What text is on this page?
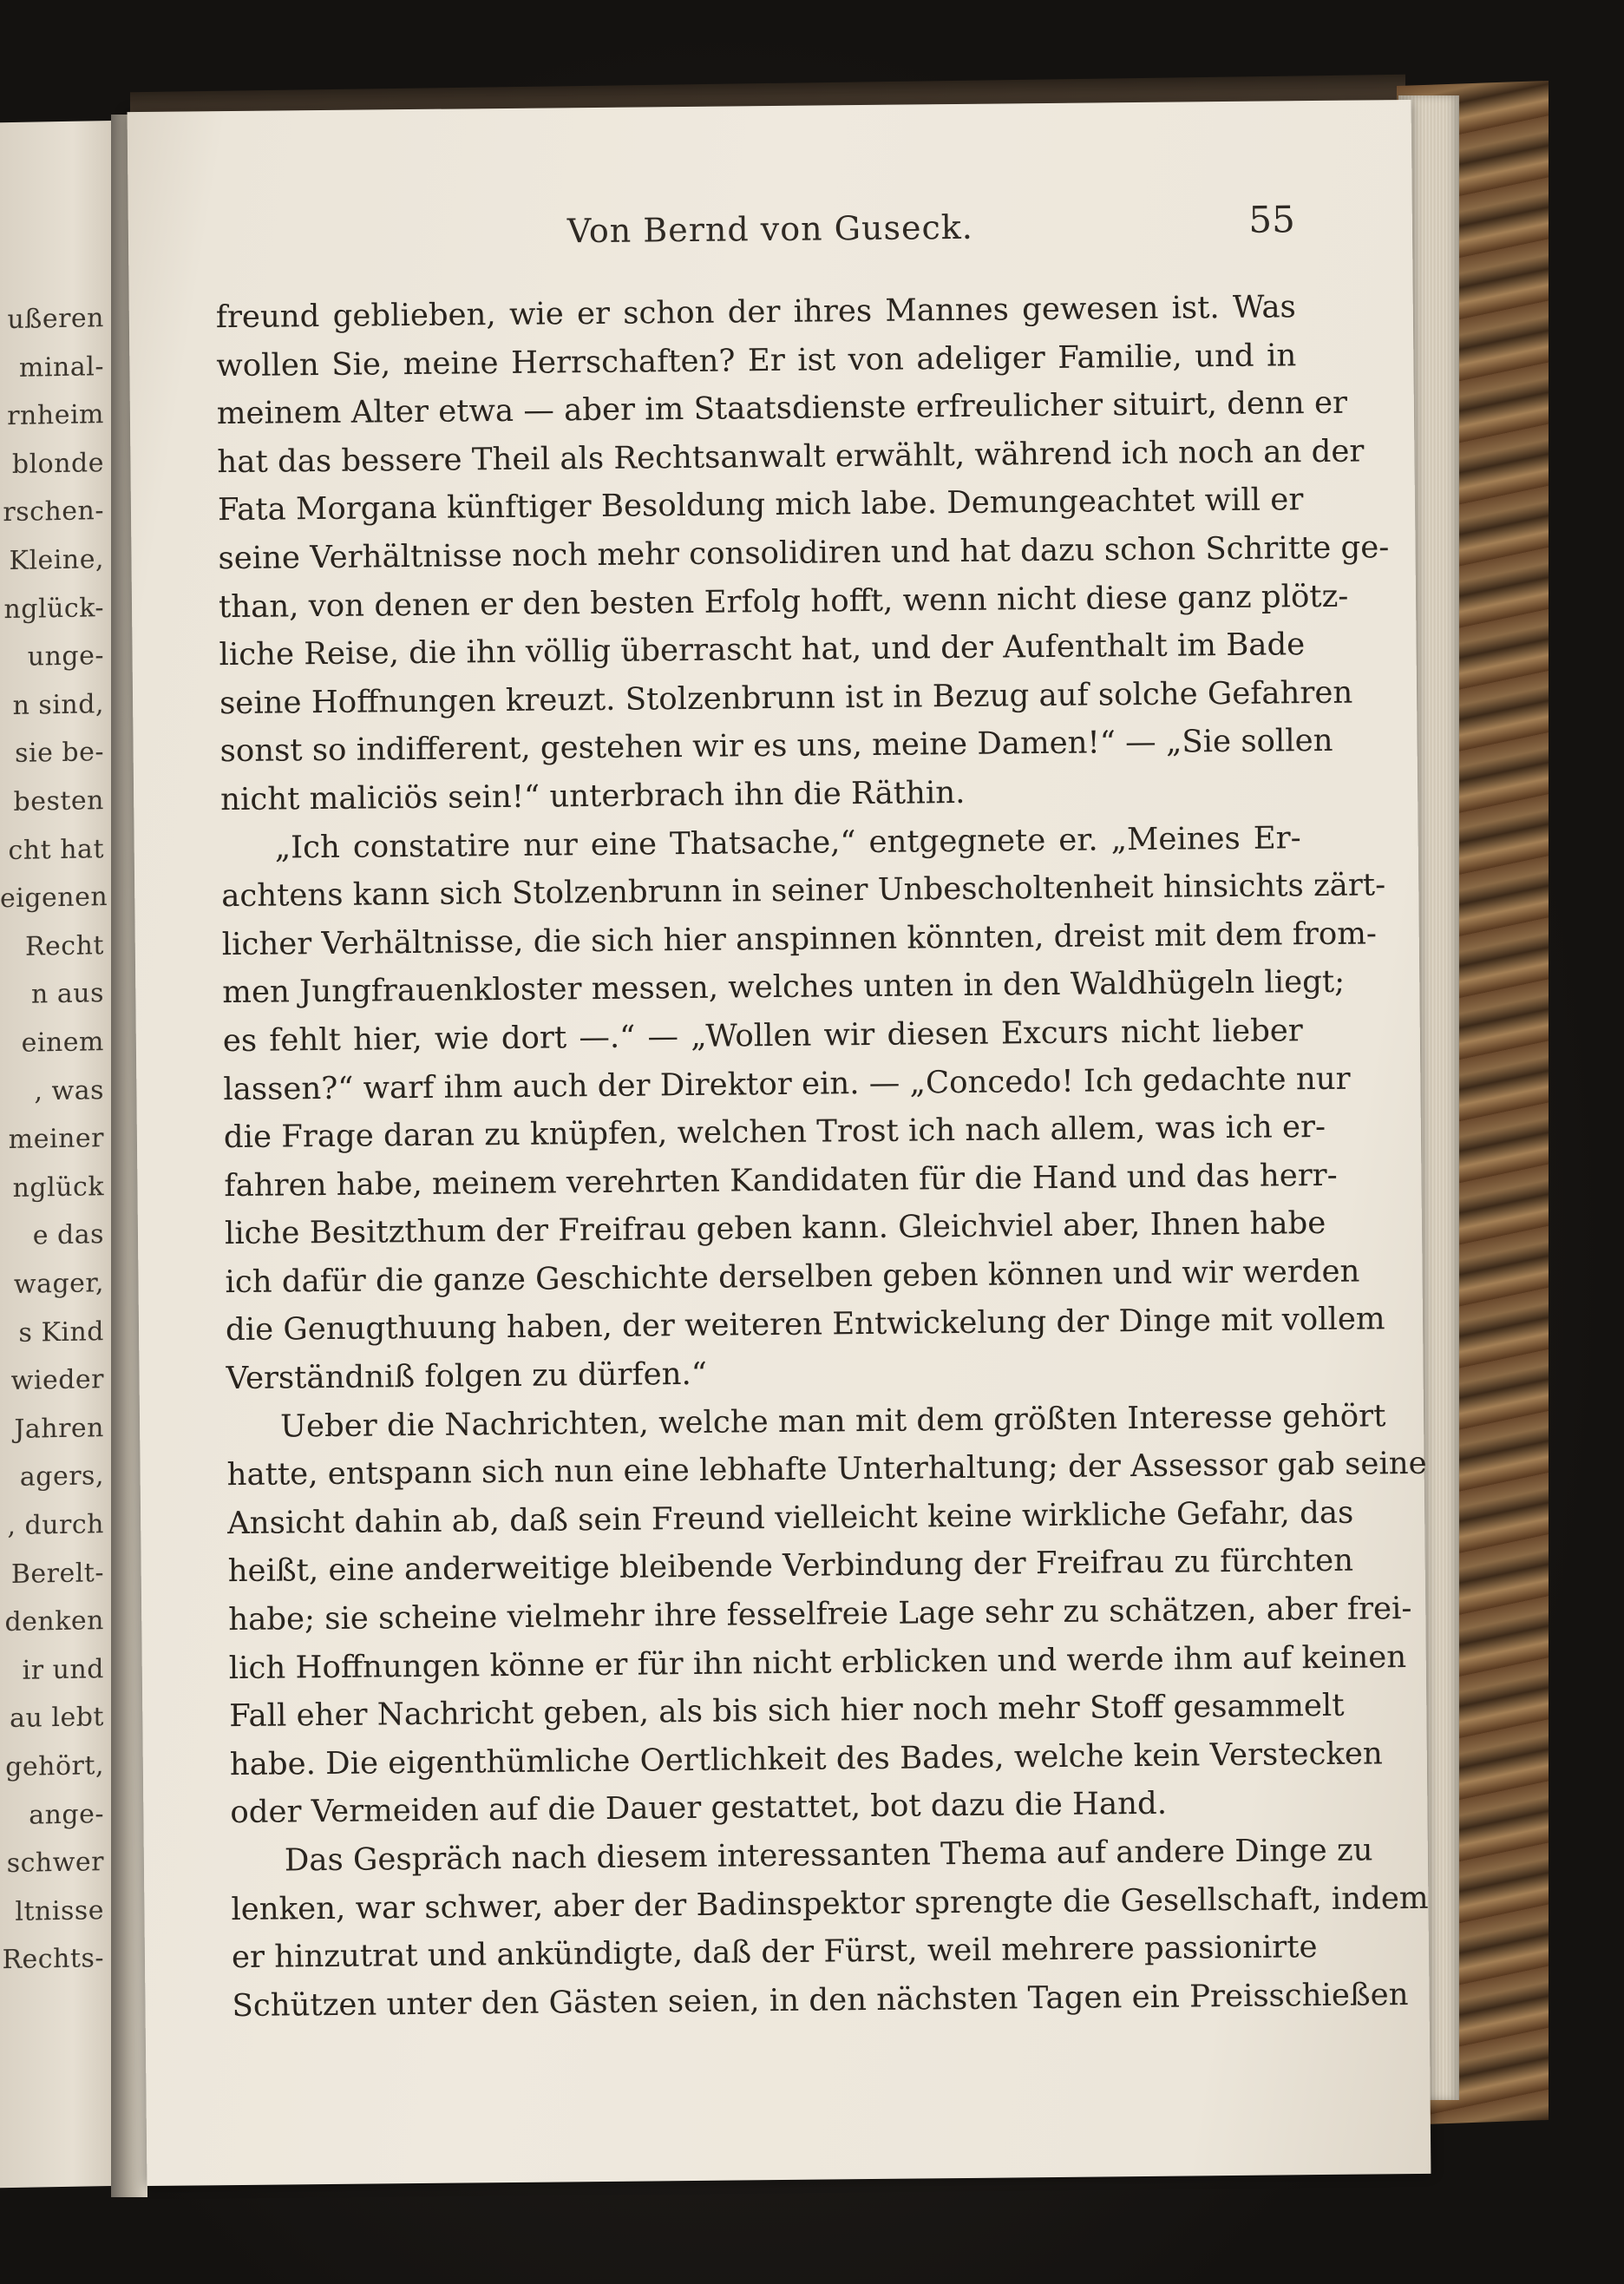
ußeren
minal-
rnheim
blonde
rschen-
Kleine,
nglück-
unge-
n sind,
sie be-
besten
cht hat
eigenen
Recht
n aus
einem
, was
meiner
nglück
e das
wager,
s Kind
wieder
Jahren
agers,
, durch
Berelt-
denken
ir und
au lebt
gehört,
ange-
schwer
ltnisse
Rechts-
Von Bernd von Guseck.	55
freund geblieben, wie er schon der ihres Mannes gewesen ist. Was
wollen Sie, meine Herrschaften? Er ist von adeliger Familie, und in
meinem Alter etwa — aber im Staatsdienste erfreulicher situirt, denn er
hat das bessere Theil als Rechtsanwalt erwählt, während ich noch an der
Fata Morgana künftiger Besoldung mich labe. Demungeachtet will er
seine Verhältnisse noch mehr consolidiren und hat dazu schon Schritte ge-
than, von denen er den besten Erfolg hofft, wenn nicht diese ganz plötz-
liche Reise, die ihn völlig überrascht hat, und der Aufenthalt im Bade
seine Hoffnungen kreuzt. Stolzenbrunn ist in Bezug auf solche Gefahren
sonst so indifferent, gestehen wir es uns, meine Damen!“ — „Sie sollen
nicht maliciös sein!“ unterbrach ihn die Räthin.
„Ich constatire nur eine Thatsache,“ entgegnete er. „Meines Er-
achtens kann sich Stolzenbrunn in seiner Unbescholtenheit hinsichts zärt-
licher Verhältnisse, die sich hier anspinnen könnten, dreist mit dem from-
men Jungfrauenkloster messen, welches unten in den Waldhügeln liegt;
es fehlt hier, wie dort —.“ — „Wollen wir diesen Excurs nicht lieber
lassen?“ warf ihm auch der Direktor ein. — „Concedo! Ich gedachte nur
die Frage daran zu knüpfen, welchen Trost ich nach allem, was ich er-
fahren habe, meinem verehrten Kandidaten für die Hand und das herr-
liche Besitzthum der Freifrau geben kann. Gleichviel aber, Ihnen habe
ich dafür die ganze Geschichte derselben geben können und wir werden
die Genugthuung haben, der weiteren Entwickelung der Dinge mit vollem
Verständniß folgen zu dürfen.“
Ueber die Nachrichten, welche man mit dem größten Interesse gehört
hatte, entspann sich nun eine lebhafte Unterhaltung; der Assessor gab seine
Ansicht dahin ab, daß sein Freund vielleicht keine wirkliche Gefahr, das
heißt, eine anderweitige bleibende Verbindung der Freifrau zu fürchten
habe; sie scheine vielmehr ihre fesselfreie Lage sehr zu schätzen, aber frei-
lich Hoffnungen könne er für ihn nicht erblicken und werde ihm auf keinen
Fall eher Nachricht geben, als bis sich hier noch mehr Stoff gesammelt
habe. Die eigenthümliche Oertlichkeit des Bades, welche kein Verstecken
oder Vermeiden auf die Dauer gestattet, bot dazu die Hand.
Das Gespräch nach diesem interessanten Thema auf andere Dinge zu
lenken, war schwer, aber der Badinspektor sprengte die Gesellschaft, indem
er hinzutrat und ankündigte, daß der Fürst, weil mehrere passionirte
Schützen unter den Gästen seien, in den nächsten Tagen ein Preisschießen
